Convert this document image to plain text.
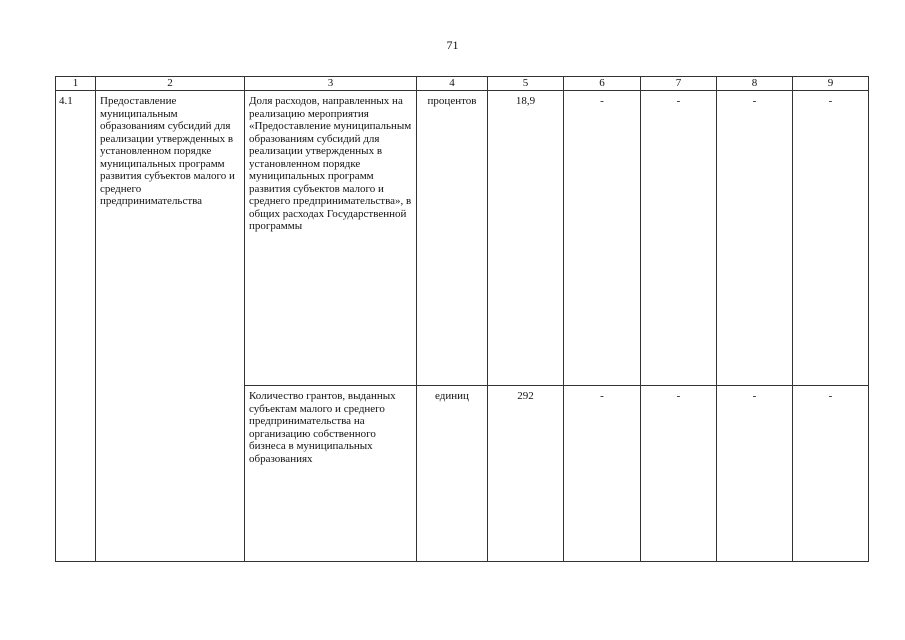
71
1	2	3	4	5	6	7	8	9
4.1	Предоставление муниципальным образованиям субсидий для реализации утвержденных в установленном порядке муниципальных программ развития субъектов малого и среднего предпринимательства	Доля расходов, направленных на реализацию мероприятия «Предоставление муниципальным образованиям субсидий для реализации утвержденных в установленном порядке муниципальных программ развития субъектов малого и среднего предпринимательства», в общих расходах Государственной программы	процентов	18,9	-	-	-	-
		Количество грантов, выданных субъектам малого и среднего предпринимательства на организацию собственного бизнеса в муниципальных образованиях	единиц	292	-	-	-	-
